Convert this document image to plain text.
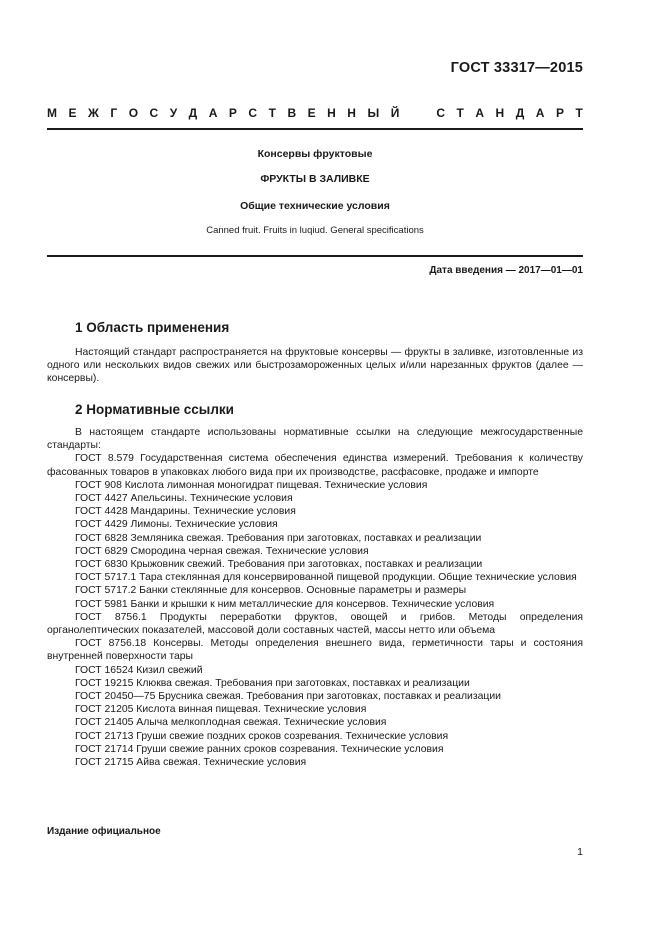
ГОСТ 33317—2015
М Е Ж Г О С У Д А Р С Т В Е Н Н Ы Й	С Т А Н Д А Р Т
Консервы фруктовые
ФРУКТЫ В ЗАЛИВКЕ
Общие технические условия
Canned fruit. Fruits in luqiud. General specifications
Дата введения — 2017—01—01
1 Область применения
Настоящий стандарт распространяется на фруктовые консервы — фрукты в заливке, изготовленные из одного или нескольких видов свежих или быстрозамороженных целых и/или нарезанных фруктов (далее — консервы).
2 Нормативные ссылки
В настоящем стандарте использованы нормативные ссылки на следующие межгосударственные стандарты:
ГОСТ 8.579 Государственная система обеспечения единства измерений. Требования к количеству фасованных товаров в упаковках любого вида при их производстве, расфасовке, продаже и импорте
ГОСТ 908 Кислота лимонная моногидрат пищевая. Технические условия
ГОСТ 4427 Апельсины. Технические условия
ГОСТ 4428 Мандарины. Технические условия
ГОСТ 4429 Лимоны. Технические условия
ГОСТ 6828 Земляника свежая. Требования при заготовках, поставках и реализации
ГОСТ 6829 Смородина черная свежая. Технические условия
ГОСТ 6830 Крыжовник свежий. Требования при заготовках, поставках и реализации
ГОСТ 5717.1 Тара стеклянная для консервированной пищевой продукции. Общие технические условия
ГОСТ 5717.2 Банки стеклянные для консервов. Основные параметры и размеры
ГОСТ 5981 Банки и крышки к ним металлические для консервов. Технические условия
ГОСТ 8756.1 Продукты переработки фруктов, овощей и грибов. Методы определения органолептических показателей, массовой доли составных частей, массы нетто или объема
ГОСТ 8756.18 Консервы. Методы определения внешнего вида, герметичности тары и состояния внутренней поверхности тары
ГОСТ 16524 Кизил свежий
ГОСТ 19215 Клюква свежая. Требования при заготовках, поставках и реализации
ГОСТ 20450—75 Брусника свежая. Требования при заготовках, поставках и реализации
ГОСТ 21205 Кислота винная пищевая. Технические условия
ГОСТ 21405 Алыча мелкоплодная свежая. Технические условия
ГОСТ 21713 Груши свежие поздних сроков созревания. Технические условия
ГОСТ 21714 Груши свежие ранних сроков созревания. Технические условия
ГОСТ 21715 Айва свежая. Технические условия
Издание официальное
1
